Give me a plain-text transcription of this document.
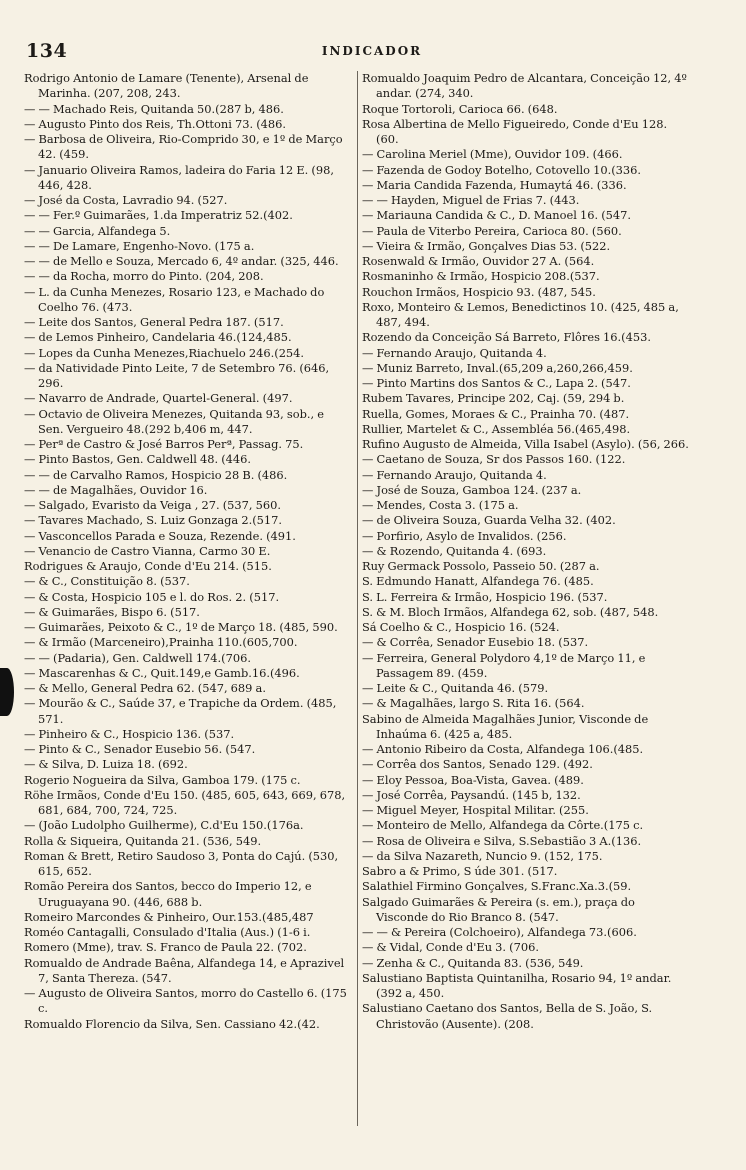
134	INDICADOR
Rodrigo Antonio de Lamare (Tenente), Arsenal de Marinha. (207, 208, 243.
— — Machado Reis, Quitanda 50.(287 b, 486.
— Augusto Pinto dos Reis, Th.Ottoni 73. (486.
— Barbosa de Oliveira, Rio-Comprido 30, e 1º de Março 42. (459.
— Januario Oliveira Ramos, ladeira do Faria 12 E. (98, 446, 428.
— José da Costa, Lavradio 94. (527.
— — Fer.º Guimarães, 1.da Imperatriz 52.(402.
— — Garcia, Alfandega 5.
— — De Lamare, Engenho-Novo. (175 a.
— — de Mello e Souza, Mercado 6, 4º andar. (325, 446.
— — da Rocha, morro do Pinto. (204, 208.
— L. da Cunha Menezes, Rosario 123, e Machado do Coelho 76. (473.
— Leite dos Santos, General Pedra 187. (517.
— de Lemos Pinheiro, Candelaria 46.(124,485.
— Lopes da Cunha Menezes,Riachuelo 246.(254.
— da Natividade Pinto Leite, 7 de Setembro 76. (646, 296.
— Navarro de Andrade, Quartel-General. (497.
— Octavio de Oliveira Menezes, Quitanda 93, sob., e Sen. Vergueiro 48.(292 b,406 m, 447.
— Perª de Castro & José Barros Perª, Passag. 75.
— Pinto Bastos, Gen. Caldwell 48. (446.
— — de Carvalho Ramos, Hospicio 28 B. (486.
— — de Magalhães, Ouvidor 16.
— Salgado, Evaristo da Veiga , 27. (537, 560.
— Tavares Machado, S. Luiz Gonzaga 2.(517.
— Vasconcellos Parada e Souza, Rezende. (491.
— Venancio de Castro Vianna, Carmo 30 E.
Rodrigues & Araujo, Conde d'Eu 214. (515.
— & C., Constituição 8. (537.
— & Costa, Hospicio 105 e l. do Ros. 2. (517.
— & Guimarães, Bispo 6. (517.
— Guimarães, Peixoto & C., 1º de Março 18. (485, 590.
— & Irmão (Marceneiro),Prainha 110.(605,700.
— — (Padaria), Gen. Caldwell 174.(706.
— Mascarenhas & C., Quit.149,e Gamb.16.(496.
— & Mello, General Pedra 62. (547, 689 a.
— Mourão & C., Saúde 37, e Trapiche da Ordem. (485, 571.
— Pinheiro & C., Hospicio 136. (537.
— Pinto & C., Senador Eusebio 56. (547.
— & Silva, D. Luiza 18. (692.
Rogerio Nogueira da Silva, Gamboa 179. (175 c.
Röhe Irmãos, Conde d'Eu 150. (485, 605, 643, 669, 678, 681, 684, 700, 724, 725.
— (João Ludolpho Guilherme), C.d'Eu 150.(176a.
Rolla & Siqueira, Quitanda 21. (536, 549.
Roman & Brett, Retiro Saudoso 3, Ponta do Cajú. (530, 615, 652.
Romão Pereira dos Santos, becco do Imperio 12, e Uruguayana 90. (446, 688 b.
Romeiro Marcondes & Pinheiro, Our.153.(485,487
Roméo Cantagalli, Consulado d'Italia (Aus.) (1-6 i.
Romero (Mme), trav. S. Franco de Paula 22. (702.
Romualdo de Andrade Baêna, Alfandega 14, e Aprazivel 7, Santa Thereza. (547.
— Augusto de Oliveira Santos, morro do Castello 6. (175 c.
Romualdo Florencio da Silva, Sen. Cassiano 42.(42.
Romualdo Joaquim Pedro de Alcantara, Conceição 12, 4º andar. (274, 340.
Roque Tortoroli, Carioca 66. (648.
Rosa Albertina de Mello Figueiredo, Conde d'Eu 128. (60.
— Carolina Meriel (Mme), Ouvidor 109. (466.
— Fazenda de Godoy Botelho, Cotovello 10.(336.
— Maria Candida Fazenda, Humaytá 46. (336.
— — Hayden, Miguel de Frias 7. (443.
— Mariauna Candida & C., D. Manoel 16. (547.
— Paula de Viterbo Pereira, Carioca 80. (560.
— Vieira & Irmão, Gonçalves Dias 53. (522.
Rosenwald & Irmão, Ouvidor 27 A. (564.
Rosmaninho & Irmão, Hospicio 208.(537.
Rouchon Irmãos, Hospicio 93. (487, 545.
Roxo, Monteiro & Lemos, Benedictinos 10. (425, 485 a, 487, 494.
Rozendo da Conceição Sá Barreto, Flôres 16.(453.
— Fernando Araujo, Quitanda 4.
— Muniz Barreto, Inval.(65,209 a,260,266,459.
— Pinto Martins dos Santos & C., Lapa 2. (547.
Rubem Tavares, Principe 202, Caj. (59, 294 b.
Ruella, Gomes, Moraes & C., Prainha 70. (487.
Rullier, Martelet & C., Assembléa 56.(465,498.
Rufino Augusto de Almeida, Villa Isabel (Asylo). (56, 266.
— Caetano de Souza, Sr dos Passos 160. (122.
— Fernando Araujo, Quitanda 4.
— José de Souza, Gamboa 124. (237 a.
— Mendes, Costa 3. (175 a.
— de Oliveira Souza, Guarda Velha 32. (402.
— Porfirio, Asylo de Invalidos. (256.
— & Rozendo, Quitanda 4. (693.
Ruy Germack Possolo, Passeio 50. (287 a.
S. Edmundo Hanatt, Alfandega 76. (485.
S. L. Ferreira & Irmão, Hospicio 196. (537.
S. & M. Bloch Irmãos, Alfandega 62, sob. (487, 548.
Sá Coelho & C., Hospicio 16. (524.
— & Corrêa, Senador Eusebio 18. (537.
— Ferreira, General Polydoro 4,1º de Março 11, e Passagem 89. (459.
— Leite & C., Quitanda 46. (579.
— & Magalhães, largo S. Rita 16. (564.
Sabino de Almeida Magalhães Junior, Visconde de Inhaúma 6. (425 a, 485.
— Antonio Ribeiro da Costa, Alfandega 106.(485.
— Corrêa dos Santos, Senado 129. (492.
— Eloy Pessoa, Boa-Vista, Gavea. (489.
— José Corrêa, Paysandú. (145 b, 132.
— Miguel Meyer, Hospital Militar. (255.
— Monteiro de Mello, Alfandega da Côrte.(175 c.
— Rosa de Oliveira e Silva, S.Sebastião 3 A.(136.
— da Silva Nazareth, Nuncio 9. (152, 175.
Sabro a & Primo, S úde 301. (517.
Salathiel Firmino Gonçalves, S.Franc.Xa.3.(59.
Salgado Guimarães & Pereira (s. em.), praça do Visconde do Rio Branco 8. (547.
— — & Pereira (Colchoeiro), Alfandega 73.(606.
— & Vidal, Conde d'Eu 3. (706.
— Zenha & C., Quitanda 83. (536, 549.
Salustiano Baptista Quintanilha, Rosario 94, 1º andar. (392 a, 450.
Salustiano Caetano dos Santos, Bella de S. João, S. Christovão (Ausente). (208.
